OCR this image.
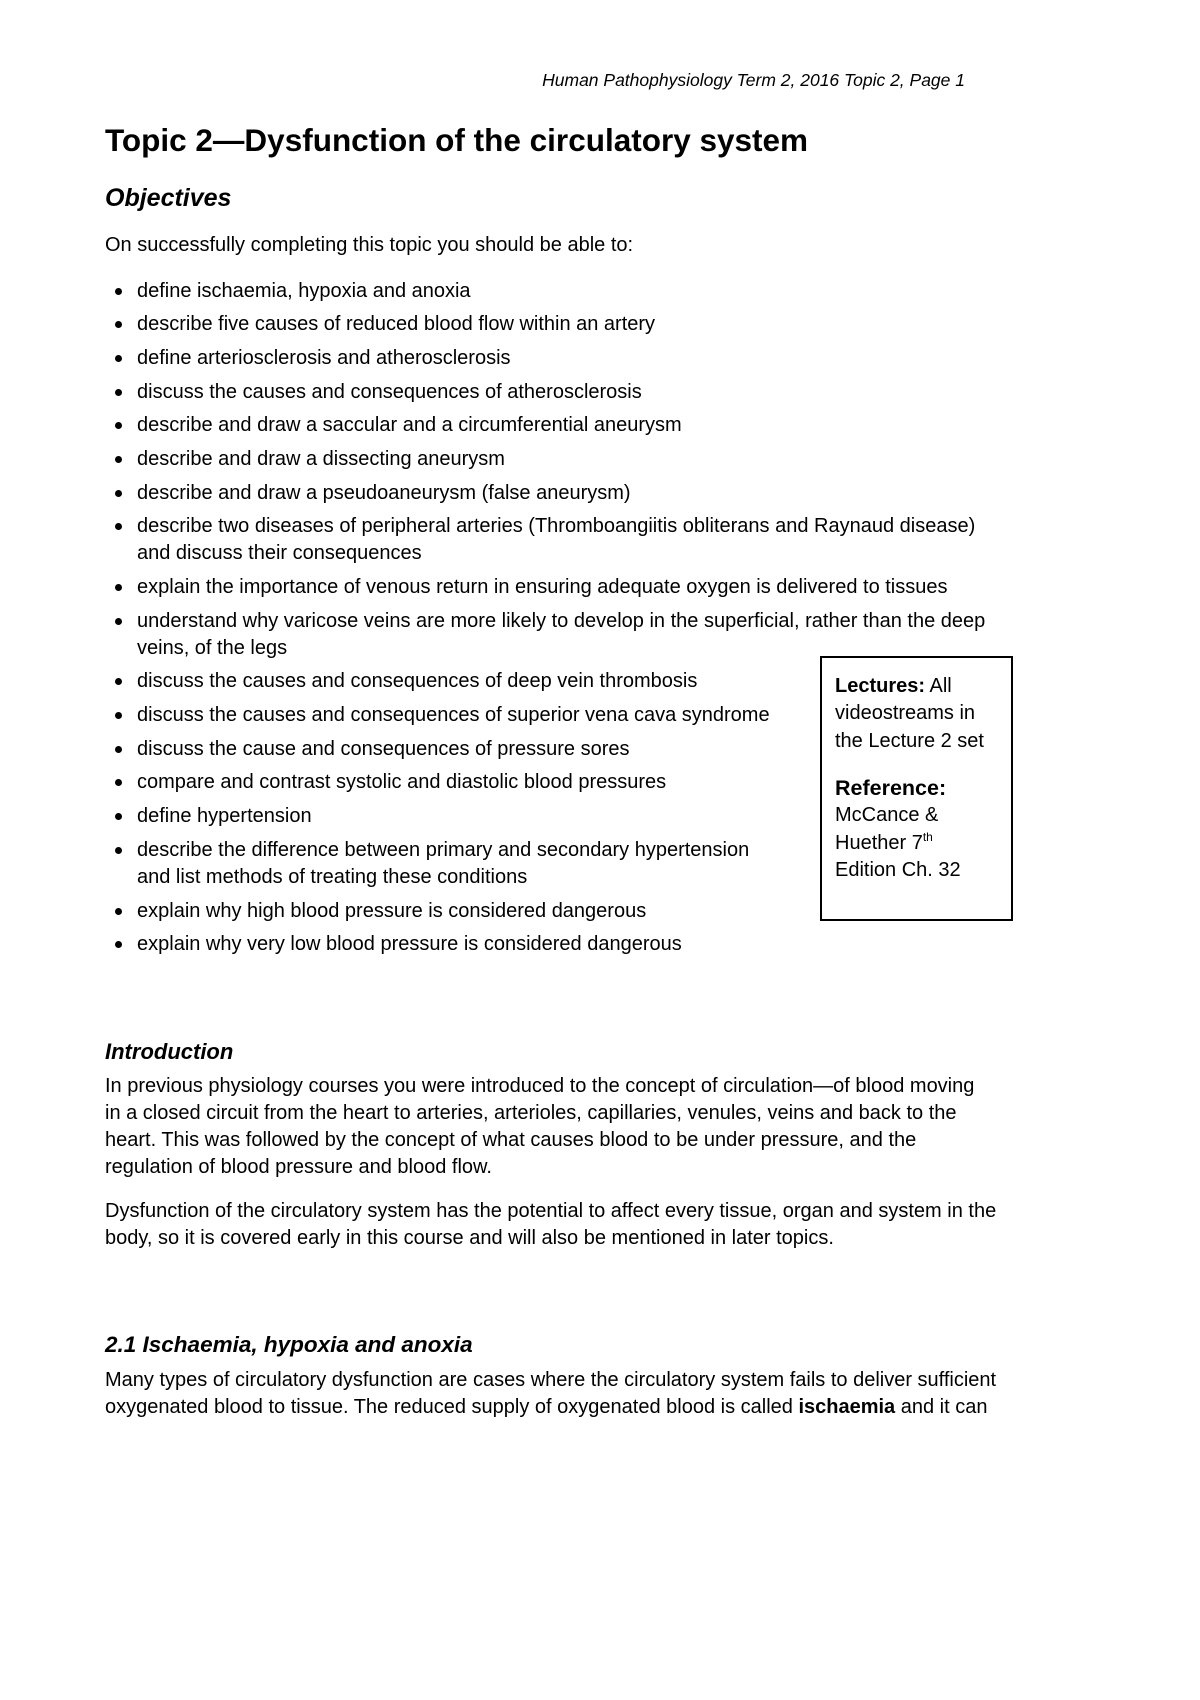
Human Pathophysiology Term 2, 2016 Topic 2, Page 1
Topic 2—Dysfunction of the circulatory system
Objectives
On successfully completing this topic you should be able to:
define ischaemia, hypoxia and anoxia
describe five causes of reduced blood flow within an artery
define arteriosclerosis and atherosclerosis
discuss the causes and consequences of atherosclerosis
describe and draw a saccular and a circumferential aneurysm
describe and draw a dissecting aneurysm
describe and draw a pseudoaneurysm (false aneurysm)
describe two diseases of peripheral arteries (Thromboangiitis obliterans and Raynaud disease)
and discuss their consequences
explain the importance of venous return in ensuring adequate oxygen is delivered to tissues
understand why varicose veins are more likely to develop in the superficial, rather than the deep
veins, of the legs
discuss the causes and consequences of deep vein thrombosis
discuss the causes and consequences of superior vena cava syndrome
discuss the cause and consequences of pressure sores
compare and contrast systolic and diastolic blood pressures
define hypertension
describe the difference between primary and secondary hypertension
and list methods of treating these conditions
explain why high blood pressure is considered dangerous
explain why very low blood pressure is considered dangerous
Lectures: All
videostreams in
the Lecture 2 set
Reference:
McCance &
Huether 7th
Edition Ch. 32
Introduction
In previous physiology courses you were introduced to the concept of circulation—of blood moving
in a closed circuit from the heart to arteries, arterioles, capillaries, venules, veins and back to the
heart. This was followed by the concept of what causes blood to be under pressure, and the
regulation of blood pressure and blood flow.
Dysfunction of the circulatory system has the potential to affect every tissue, organ and system in the
body, so it is covered early in this course and will also be mentioned in later topics.
2.1 Ischaemia, hypoxia and anoxia
Many types of circulatory dysfunction are cases where the circulatory system fails to deliver sufficient
oxygenated blood to tissue. The reduced supply of oxygenated blood is called ischaemia and it can
